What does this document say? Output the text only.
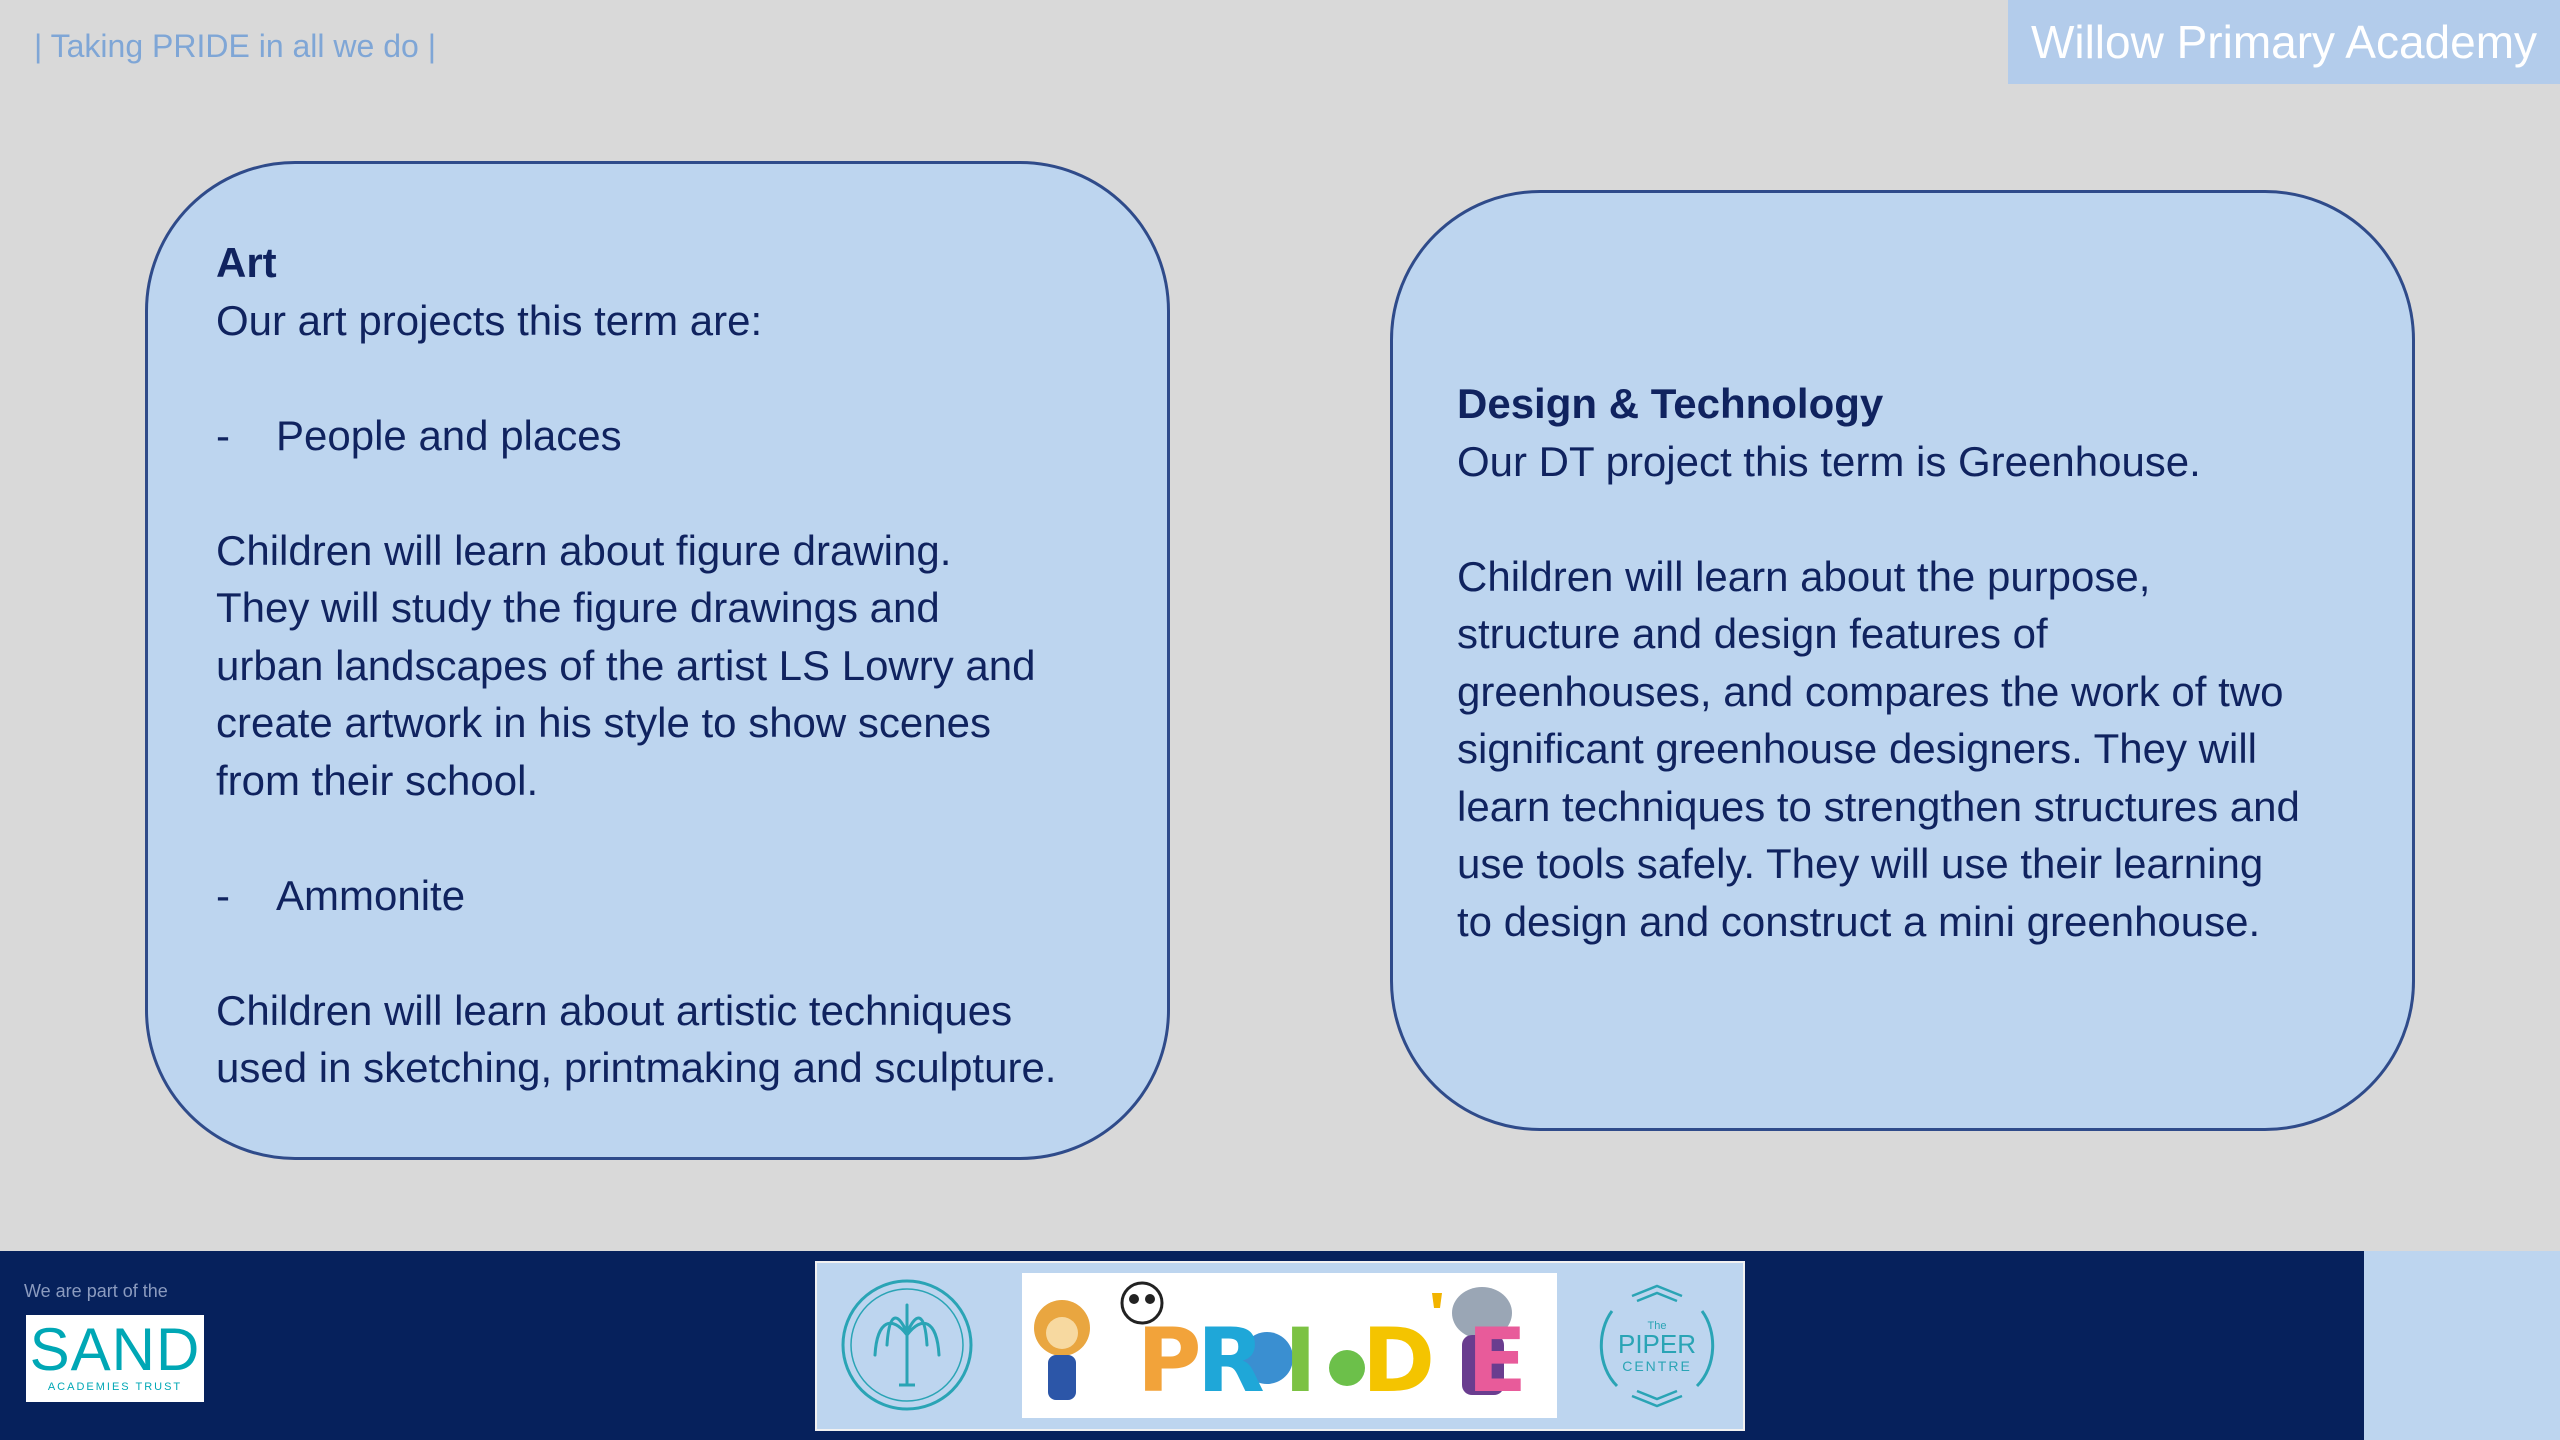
| Taking PRIDE in all we do |	Willow Primary Academy
Art

Our art projects this term are:

- People and places

Children will learn about figure drawing.

They will study the figure drawings and

urban landscapes of the artist LS Lowry and

create artwork in his style to show scenes

from their school.

- Ammonite

Children will learn about artistic techniques

used in sketching, printmaking and sculpture.

Design & Technology

Our DT project this term is Greenhouse.

Children will learn about the purpose,

structure and design features of

greenhouses, and compares the work of two

significant greenhouse designers. They will

learn techniques to strengthen structures and

use tools safely. They will use their learning

to design and construct a mini greenhouse.

We are part of the
SAND
ACADEMIES TRUST	P
R I D E	The
PIPER
CENTRE
